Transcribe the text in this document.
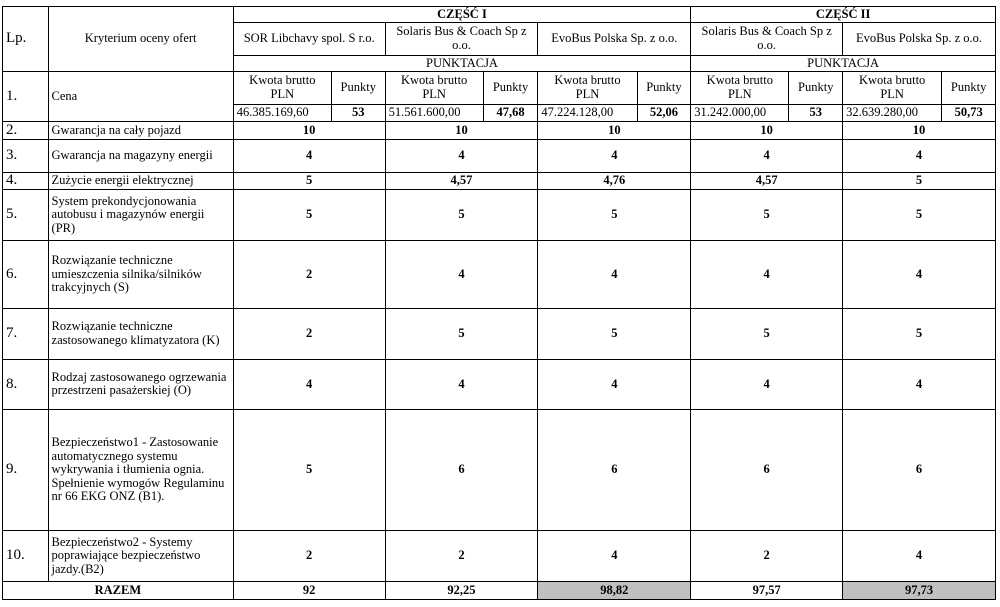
Lp.	Kryterium oceny ofert	CZĘŚĆ I						CZĘŚĆ II			
		SOR Libchavy spol. S r.o.		Solaris Bus & Coach Sp z o.o.		EvoBus Polska Sp. z o.o.		Solaris Bus & Coach Sp z o.o.		EvoBus Polska Sp. z o.o.	
		PUNKTACJA						PUNKTACJA			
1.	Cena	Kwota brutto PLN	Punkty	Kwota brutto PLN	Punkty	Kwota brutto PLN	Punkty	Kwota brutto PLN	Punkty	Kwota brutto PLN	Punkty
		46.385.169,60	53	51.561.600,00	47,68	47.224.128,00	52,06	31.242.000,00	53	32.639.280,00	50,73
2.	Gwarancja na cały pojazd	10		10		10		10		10	
3.	Gwarancja na magazyny energii	4		4		4		4		4	
4.	Zużycie energii elektrycznej	5		4,57		4,76		4,57		5	
5.	System prekondycjonowania autobusu i magazynów energii (PR)	5		5		5		5		5	
6.	Rozwiązanie techniczne umieszczenia silnika/silników trakcyjnych (S)	2		4		4		4		4	
7.	Rozwiązanie techniczne zastosowanego klimatyzatora (K)	2		5		5		5		5	
8.	Rodzaj zastosowanego ogrzewania przestrzeni pasażerskiej (O)	4		4		4		4		4	
9.	Bezpieczeństwo1 - Zastosowanie automatycznego systemu wykrywania i tłumienia ognia. Spełnienie wymogów Regulaminu nr 66 EKG ONZ (B1).	5		6		6		6		6	
10.	Bezpieczeństwo2 - Systemy poprawiające bezpieczeństwo jazdy.(B2)	2		2		4		2		4	
RAZEM		92		92,25		98,82		97,57		97,73	
